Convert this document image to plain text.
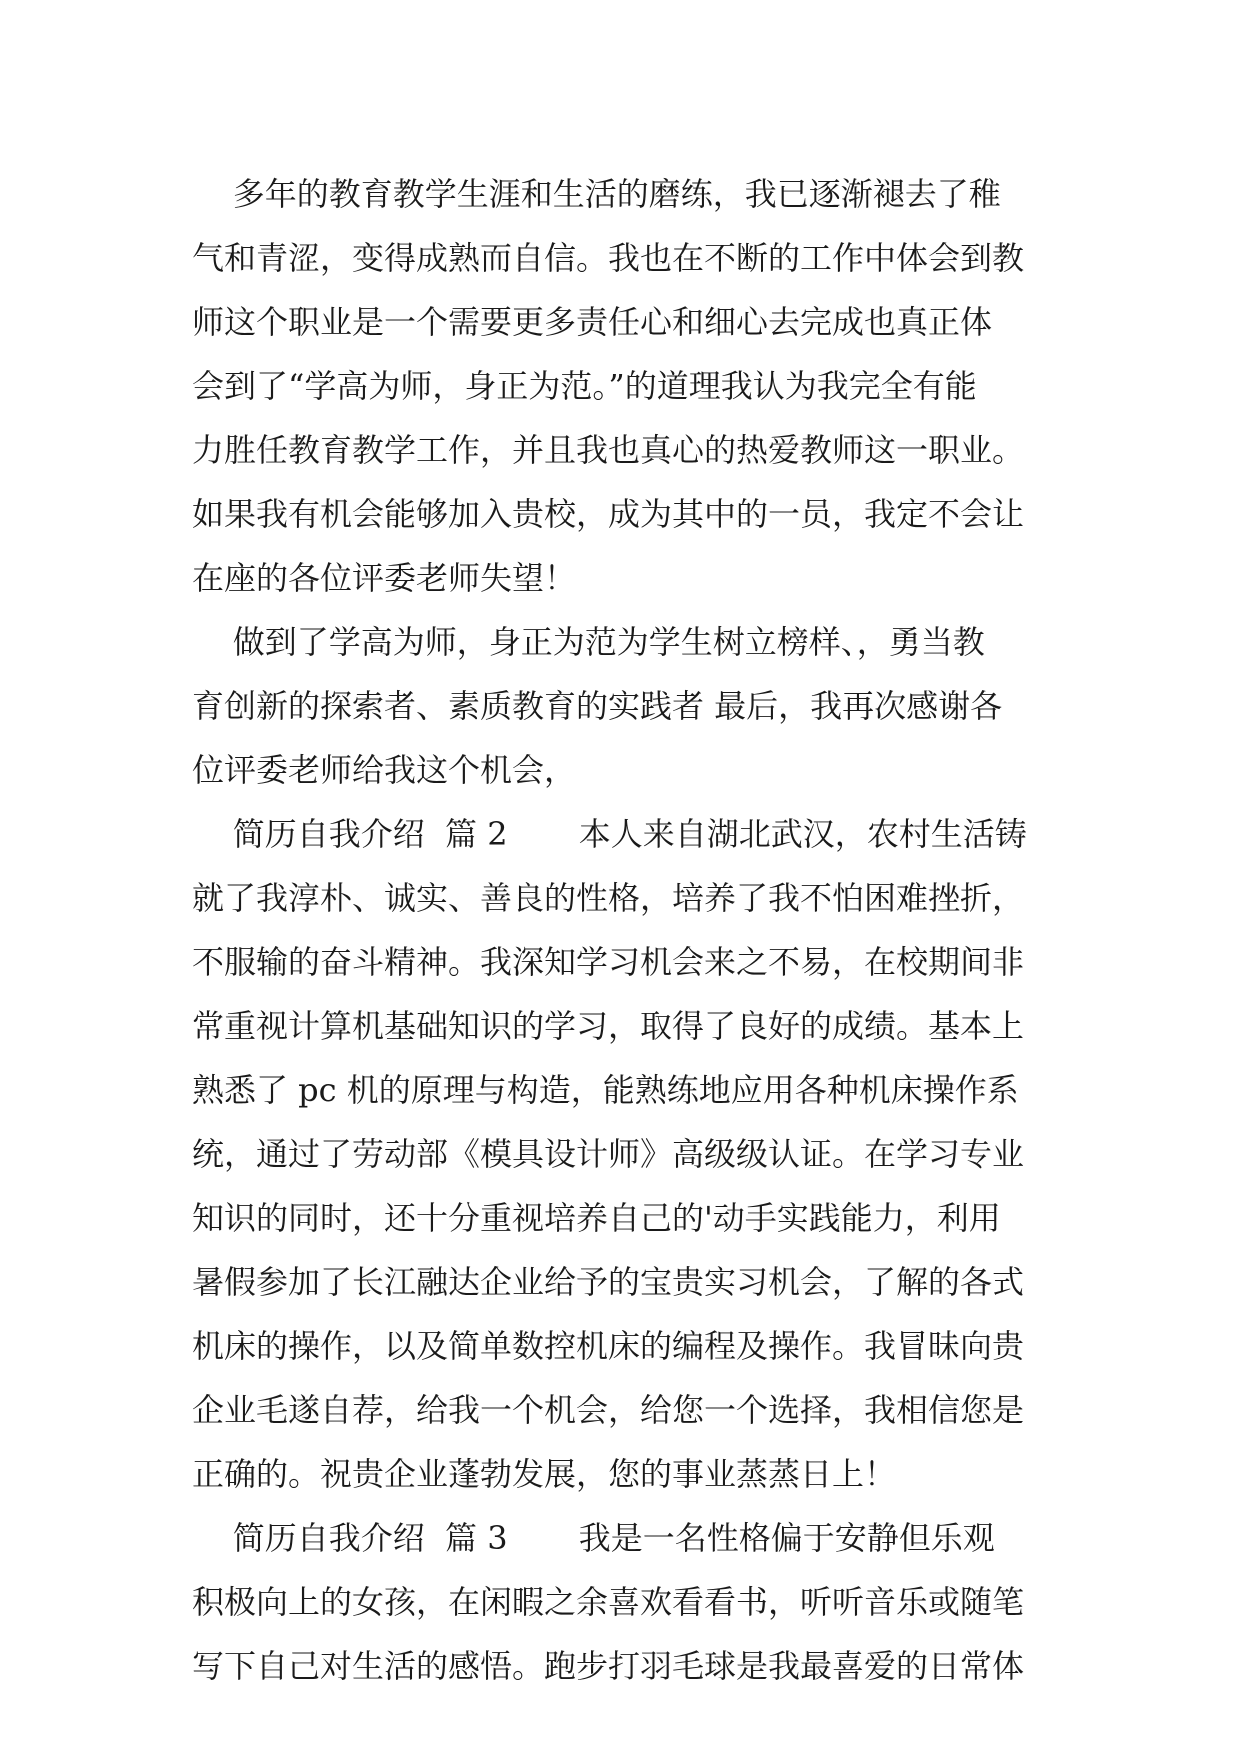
多年的教育教学生涯和生活的磨练，我已逐渐褪去了稚
气和青涩，变得成熟而自信。我也在不断的工作中体会到教
师这个职业是一个需要更多责任心和细心去完成也真正体
会到了“学高为师，身正为范。”的道理我认为我完全有能
力胜任教育教学工作，并且我也真心的热爱教师这一职业。
如果我有机会能够加入贵校，成为其中的一员，我定不会让
在座的各位评委老师失望！
做到了学高为师，身正为范为学生树立榜样、，勇当教
育创新的探索者、素质教育的实践者 最后，我再次感谢各
位评委老师给我这个机会，
简历自我介绍  篇 2       本人来自湖北武汉，农村生活铸
就了我淳朴、诚实、善良的性格，培养了我不怕困难挫折，
不服输的奋斗精神。我深知学习机会来之不易，在校期间非
常重视计算机基础知识的学习，取得了良好的成绩。基本上
熟悉了 pc 机的原理与构造，能熟练地应用各种机床操作系
统，通过了劳动部《模具设计师》高级级认证。在学习专业
知识的同时，还十分重视培养自己的'动手实践能力，利用
暑假参加了长江融达企业给予的宝贵实习机会，了解的各式
机床的操作，以及简单数控机床的编程及操作。我冒昧向贵
企业毛遂自荐，给我一个机会，给您一个选择，我相信您是
正确的。祝贵企业蓬勃发展，您的事业蒸蒸日上！
简历自我介绍  篇 3       我是一名性格偏于安静但乐观
积极向上的女孩，在闲暇之余喜欢看看书，听听音乐或随笔
写下自己对生活的感悟。跑步打羽毛球是我最喜爱的日常体
